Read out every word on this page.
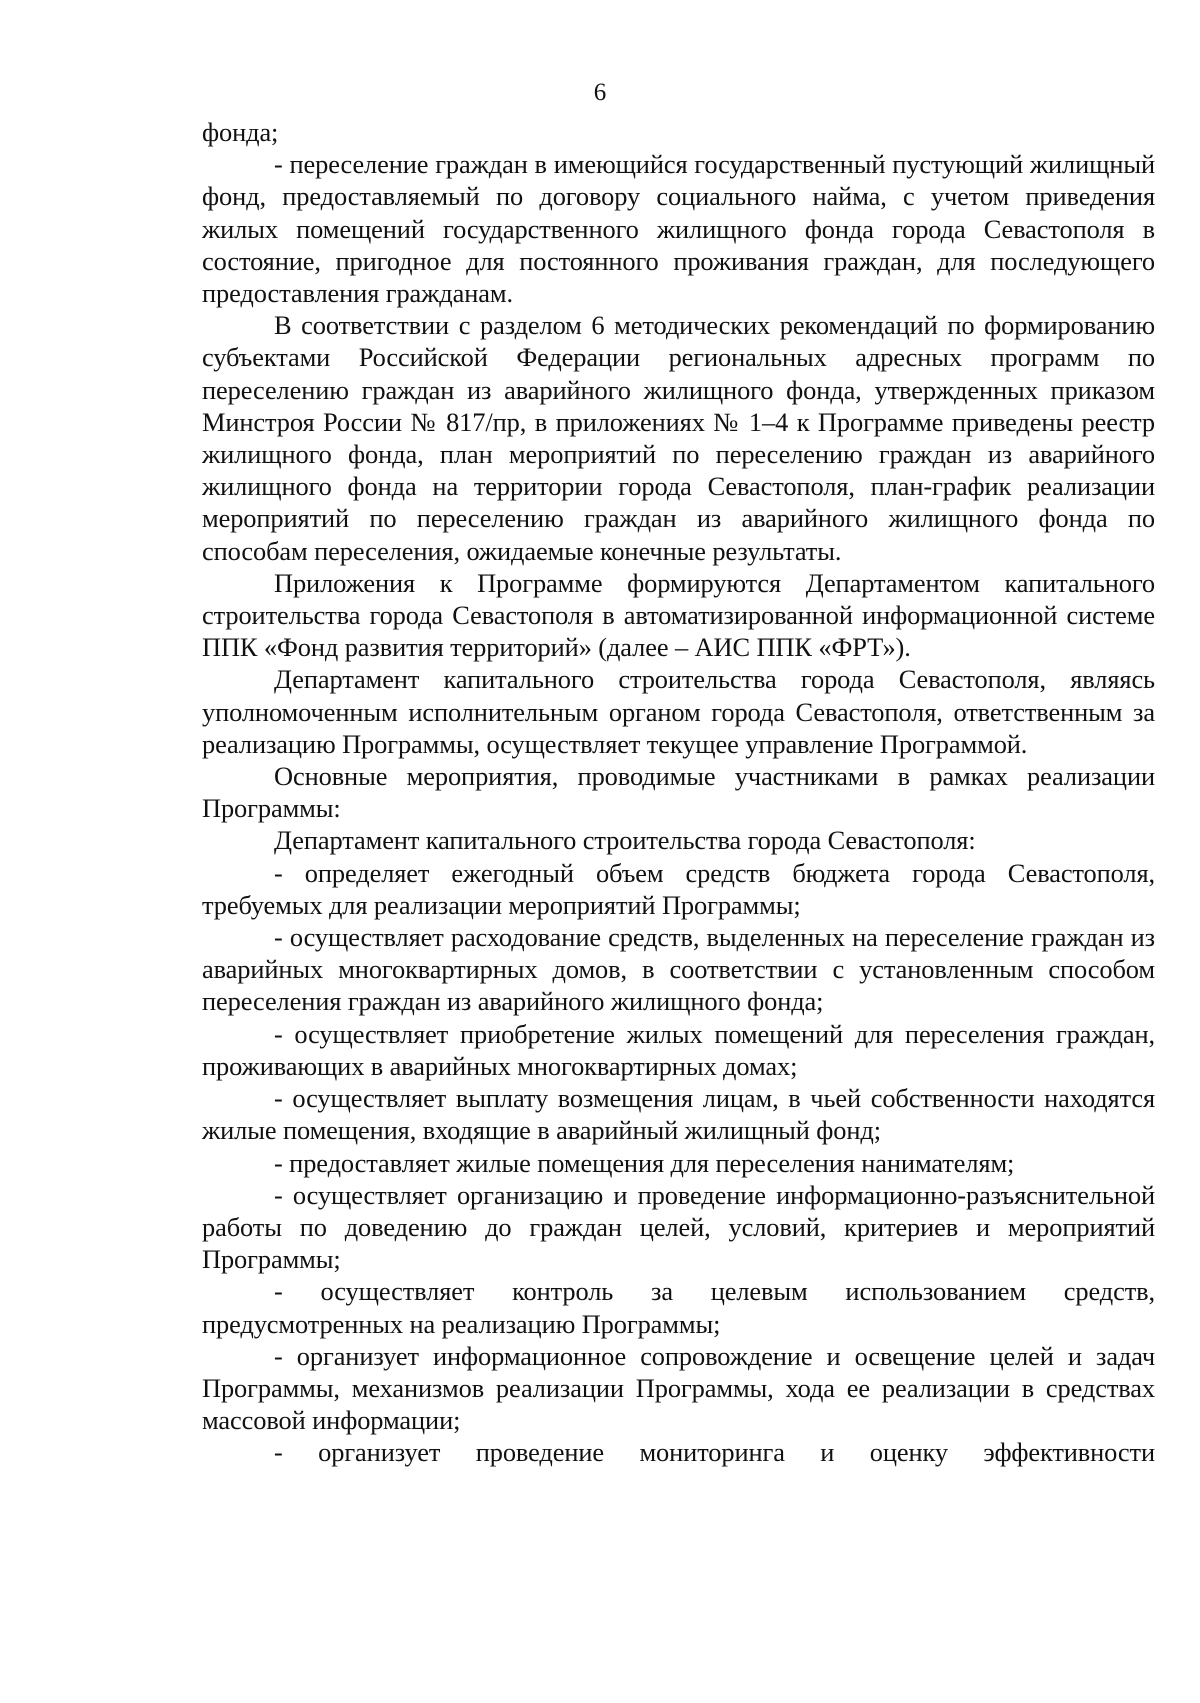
6

фонда;

- переселение граждан в имеющийся государственный пустующий жилищный фонд, предоставляемый по договору социального найма, с учетом приведения жилых помещений государственного жилищного фонда города Севастополя в состояние, пригодное для постоянного проживания граждан, для последующего предоставления гражданам.

В соответствии с разделом 6 методических рекомендаций по формированию субъектами Российской Федерации региональных адресных программ по переселению граждан из аварийного жилищного фонда, утвержденных приказом Минстроя России № 817/пр, в приложениях № 1–4 к Программе приведены реестр жилищного фонда, план мероприятий по переселению граждан из аварийного жилищного фонда на территории города Севастополя, план-график реализации мероприятий по переселению граждан из аварийного жилищного фонда по способам переселения, ожидаемые конечные результаты.

Приложения к Программе формируются Департаментом капитального строительства города Севастополя в автоматизированной информационной системе ППК «Фонд развития территорий» (далее – АИС ППК «ФРТ»).

Департамент капитального строительства города Севастополя, являясь уполномоченным исполнительным органом города Севастополя, ответственным за реализацию Программы, осуществляет текущее управление Программой.

Основные мероприятия, проводимые участниками в рамках реализации Программы:

Департамент капитального строительства города Севастополя:

- определяет ежегодный объем средств бюджета города Севастополя, требуемых для реализации мероприятий Программы;

- осуществляет расходование средств, выделенных на переселение граждан из аварийных многоквартирных домов, в соответствии с установленным способом переселения граждан из аварийного жилищного фонда;

- осуществляет приобретение жилых помещений для переселения граждан, проживающих в аварийных многоквартирных домах;

- осуществляет выплату возмещения лицам, в чьей собственности находятся жилые помещения, входящие в аварийный жилищный фонд;

- предоставляет жилые помещения для переселения нанимателям;

- осуществляет организацию и проведение информационно-разъяснительной работы по доведению до граждан целей, условий, критериев и мероприятий Программы;

- осуществляет контроль за целевым использованием средств, предусмотренных на реализацию Программы;

- организует информационное сопровождение и освещение целей и задач Программы, механизмов реализации Программы, хода ее реализации в средствах массовой информации;

- организует проведение мониторинга и оценку эффективности
